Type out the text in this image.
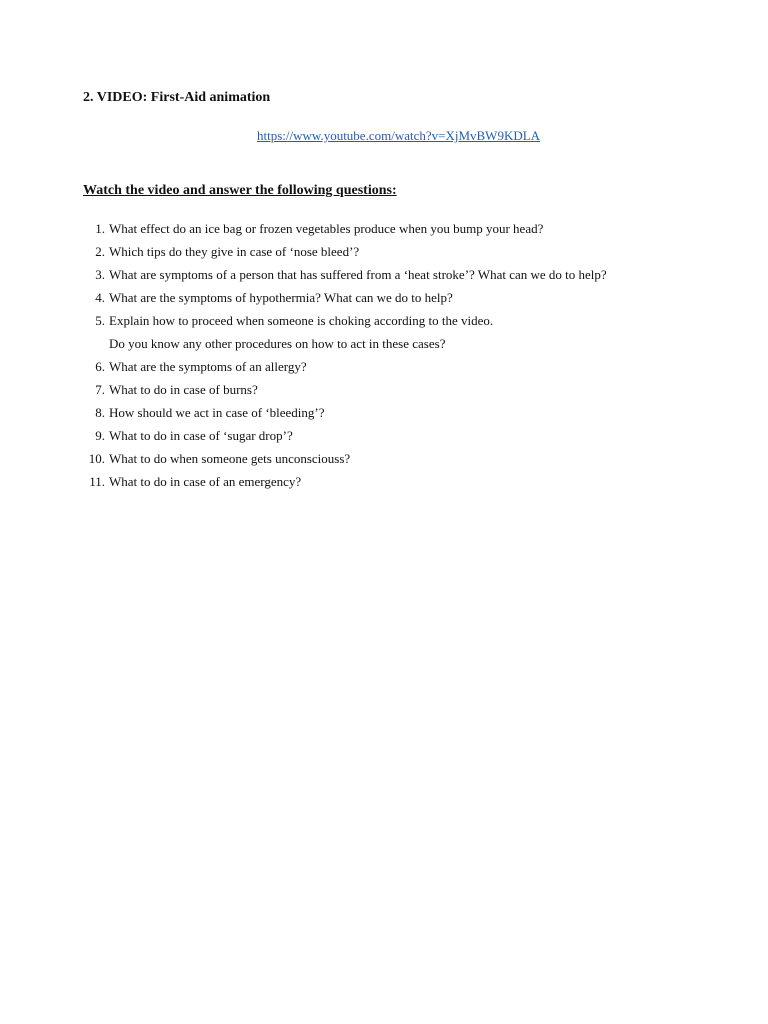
2. VIDEO: First-Aid animation
https://www.youtube.com/watch?v=XjMvBW9KDLA
Watch the video and answer the following questions:
1. What effect do an ice bag or frozen vegetables produce when you bump your head?
2. Which tips do they give in case of ‘nose bleed’?
3. What are symptoms of a person that has suffered from a ‘heat stroke’? What can we do to help?
4. What are the symptoms of hypothermia? What can we do to help?
5. Explain how to proceed when someone is choking according to the video.
Do you know any other procedures on how to act in these cases?
6. What are the symptoms of an allergy?
7. What to do in case of burns?
8. How should we act in case of ‘bleeding’?
9. What to do in case of ‘sugar drop’?
10. What to do when someone gets unconsciouss?
11. What to do in case of an emergency?
